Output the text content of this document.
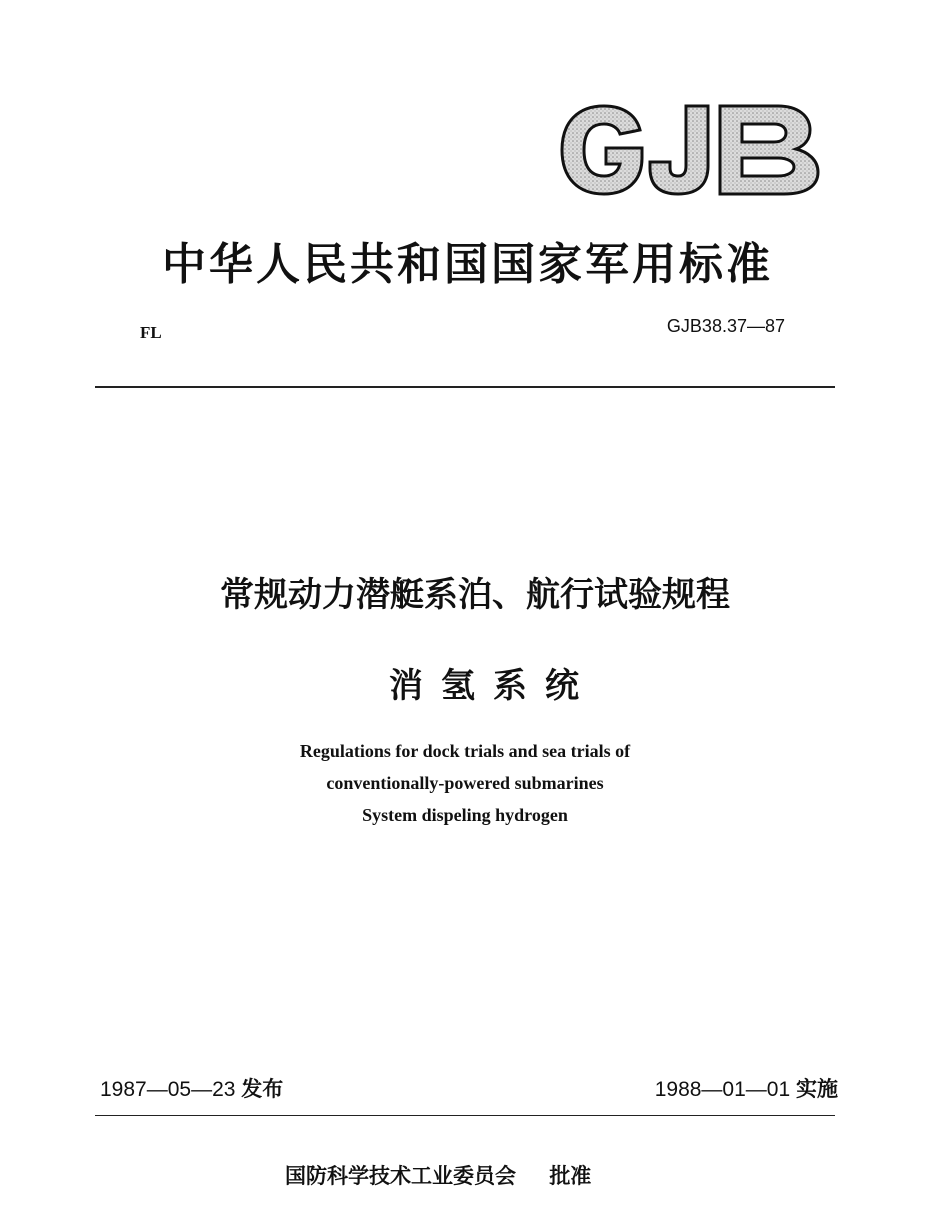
中华人民共和国国家军用标准
FL	GJB38.37—87
常规动力潜艇系泊、航行试验规程
消氢系统
Regulations for dock trials and sea trials of
conventionally-powered submarines
System dispeling hydrogen
1987—05—23 发布	1988—01—01 实施
国防科学技术工业委员会 批准
